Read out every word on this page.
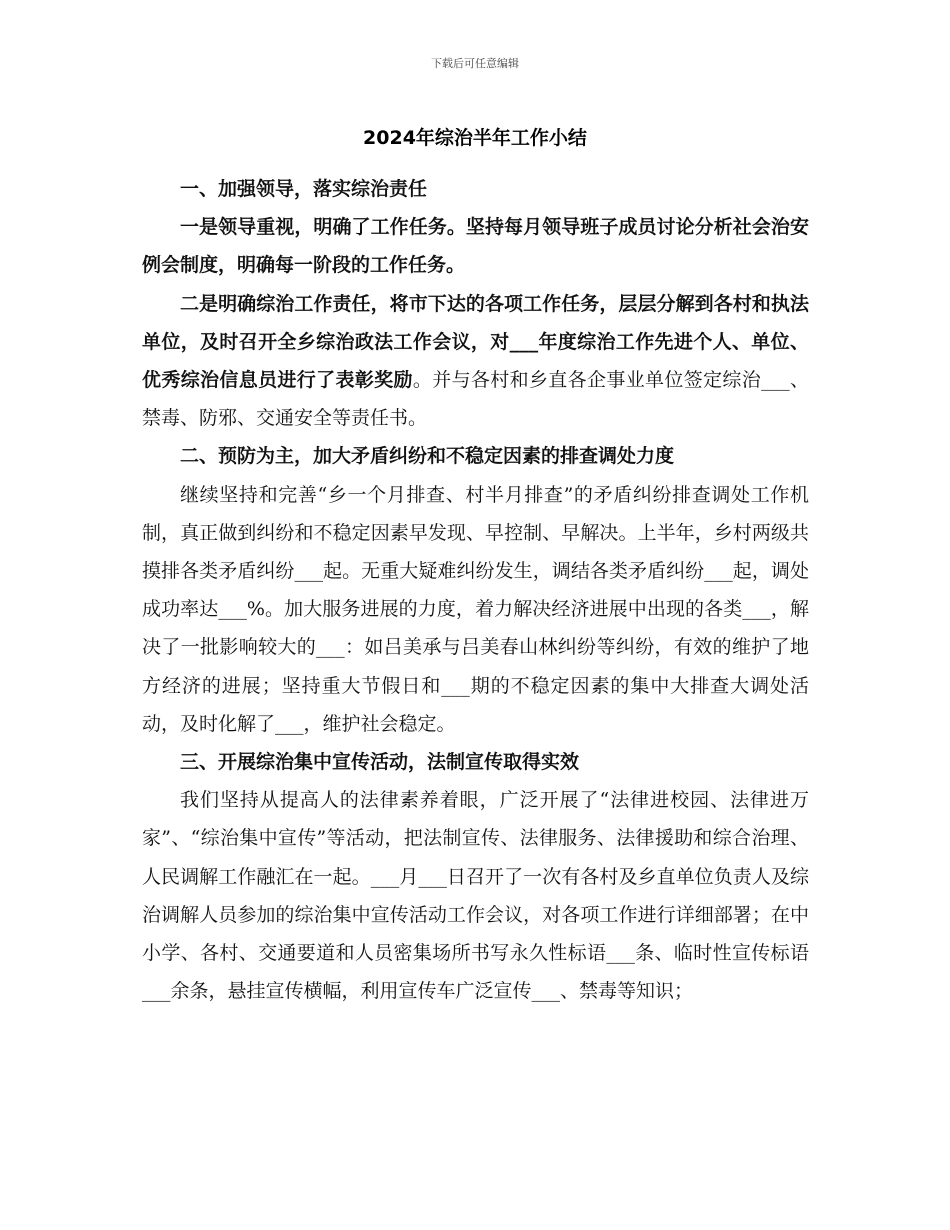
下载后可任意编辑
2024年综治半年工作小结

一、加强领导，落实综治责任

一是领导重视，明确了工作任务。坚持每月领导班子成员讨论分析社会治安例会制度，明确每一阶段的工作任务。

二是明确综治工作责任，将市下达的各项工作任务，层层分解到各村和执法单位，及时召开全乡综治政法工作会议，对___年度综治工作先进个人、单位、优秀综治信息员进行了表彰奖励。并与各村和乡直各企事业单位签定综治___、禁毒、防邪、交通安全等责任书。

二、预防为主，加大矛盾纠纷和不稳定因素的排查调处力度

继续坚持和完善“乡一个月排查、村半月排查”的矛盾纠纷排查调处工作机制，真正做到纠纷和不稳定因素早发现、早控制、早解决。上半年，乡村两级共摸排各类矛盾纠纷___起。无重大疑难纠纷发生，调结各类矛盾纠纷___起，调处成功率达___%。加大服务进展的力度，着力解决经济进展中出现的各类___，解决了一批影响较大的___：如吕美承与吕美春山林纠纷等纠纷，有效的维护了地方经济的进展；坚持重大节假日和___期的不稳定因素的集中大排查大调处活动，及时化解了___，维护社会稳定。

三、开展综治集中宣传活动，法制宣传取得实效

我们坚持从提高人的法律素养着眼，广泛开展了“法律进校园、法律进万家”、“综治集中宣传”等活动，把法制宣传、法律服务、法律援助和综合治理、人民调解工作融汇在一起。___月___日召开了一次有各村及乡直单位负责人及综治调解人员参加的综治集中宣传活动工作会议，对各项工作进行详细部署；在中小学、各村、交通要道和人员密集场所书写永久性标语___条、临时性宣传标语___余条，悬挂宣传横幅，利用宣传车广泛宣传___、禁毒等知识；
